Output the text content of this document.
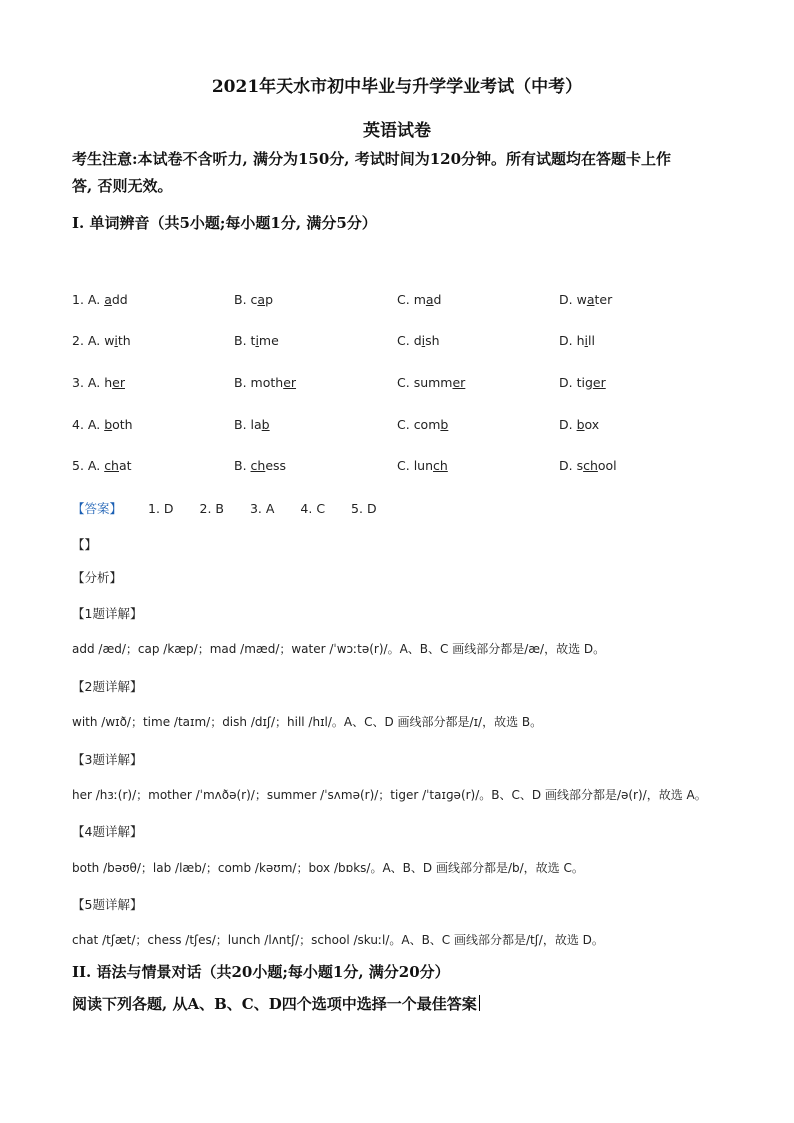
2021年天水市初中毕业与升学学业考试（中考）
英语试卷
考生注意:本试卷不含听力, 满分为150分, 考试时间为120分钟。所有试题均在答题卡上作
答, 否则无效。
I. 单词辨音（共5小题;每小题1分, 满分5分）
1. A. add	B. cap	C. mad	D. water
2. A. with	B. time	C. dish	D. hill
3. A. her	B. mother	C. summer	D. tiger
4. A. both	B. lab	C. comb	D. box
5. A. chat	B. chess	C. lunch	D. school
【答案】 1. D 2. B 3. A 4. C 5. D
【】
【分析】
【1题详解】
add /æd/；cap /kæp/；mad /mæd/；water /ˈwɔːtə(r)/。A、B、C 画线部分都是/æ/，故选 D。
【2题详解】
with /wɪð/；time /taɪm/；dish /dɪʃ/；hill /hɪl/。A、C、D 画线部分都是/ɪ/，故选 B。
【3题详解】
her /hɜː(r)/；mother /ˈmʌðə(r)/；summer /ˈsʌmə(r)/；tiger /ˈtaɪɡə(r)/。B、C、D 画线部分都是/ə(r)/，故选 A。
【4题详解】
both /bəʊθ/；lab /læb/；comb /kəʊm/；box /bɒks/。A、B、D 画线部分都是/b/，故选 C。
【5题详解】
chat /tʃæt/；chess /tʃes/；lunch /lʌntʃ/；school /skuːl/。A、B、C 画线部分都是/tʃ/，故选 D。
II. 语法与情景对话（共20小题;每小题1分, 满分20分）
阅读下列各题, 从A、B、C、D四个选项中选择一个最佳答案
